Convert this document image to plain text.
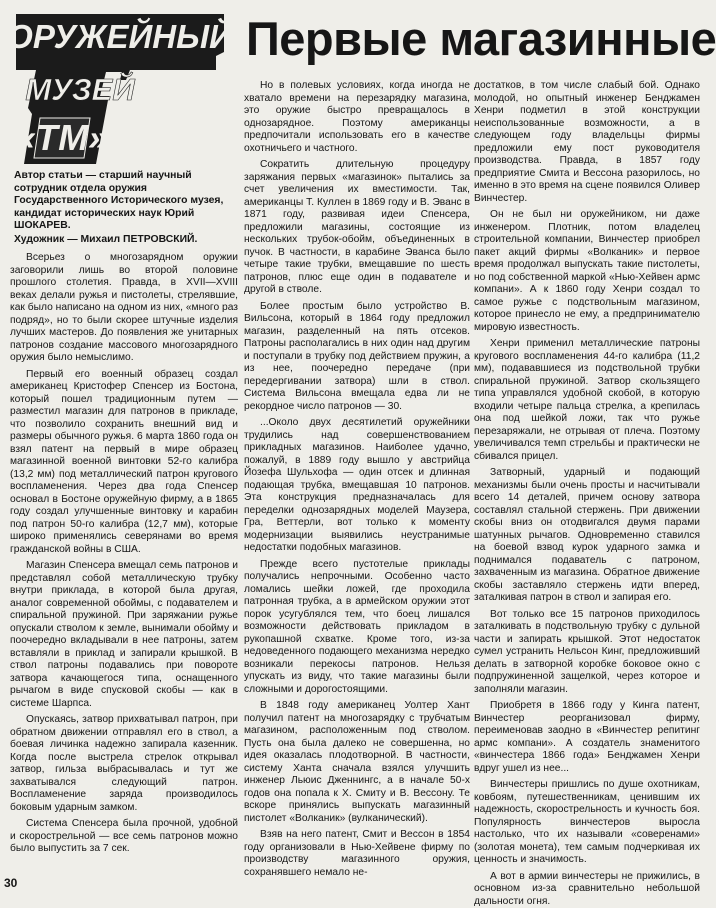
ОРУЖЕЙНЫЙ
МУЗЕЙ
«ТМ»
Первые магазинные

Автор статьи — старший научный сотрудник отдела оружия Государственного Исторического музея, кандидат исторических наук Юрий ШОКАРЕВ.

Художник — Михаил ПЕТРОВСКИЙ.

Всерьез о многозарядном оружии заговорили лишь во второй половине прошлого столетия. Правда, в XVII—XVIII веках делали ружья и пистолеты, стрелявшие, как было написано на одном из них, «много раз подряд», но то были скорее штучные изделия лучших мастеров. До появления же унитарных патронов создание массового многозарядного оружия было немыслимо.

Первый его военный образец создал американец Кристофер Спенсер из Бостона, который пошел традиционным путем — разместил магазин для патронов в прикладе, что позволило сохранить внешний вид и размеры обычного ружья. 6 марта 1860 года он взял патент на первый в мире образец магазинной военной винтовки 52-го калибра (13,2 мм) под металлический патрон кругового воспламенения. Через два года Спенсер основал в Бостоне оружейную фирму, а в 1865 году создал улучшенные винтовку и карабин под патрон 50-го калибра (12,7 мм), которые широко применялись северянами во время гражданской войны в США.

Магазин Спенсера вмещал семь патронов и представлял собой металлическую трубку внутри приклада, в которой была другая, аналог современной обоймы, с подавателем и спиральной пружиной. При заряжании ружье опускали стволом к земле, вынимали обойму и поочередно вкладывали в нее патроны, затем вставляли в приклад и запирали крышкой. В ствол патроны подавались при повороте затвора качающегося типа, оснащенного рычагом в виде спусковой скобы — как в системе Шарпса.

Опускаясь, затвор прихватывал патрон, при обратном движении отправлял его в ствол, а боевая личинка надежно запирала казенник. Когда после выстрела стрелок открывал затвор, гильза выбрасывалась и тут же захватывался следующий патрон. Воспламенение заряда производилось боковым ударным замком.

Система Спенсера была прочной, удобной и скорострельной — все семь патронов можно было выпустить за 7 сек.

Но в полевых условиях, когда иногда не хватало времени на перезарядку магазина, это оружие быстро превращалось в однозарядное. Поэтому американцы предпочитали использовать его в качестве охотничьего и частного.

Сократить длительную процедуру заряжания первых «магазинок» пытались за счет увеличения их вместимости. Так, американцы Т. Куллен в 1869 году и В. Эванс в 1871 году, развивая идеи Спенсера, предложили магазины, состоящие из нескольких трубок-обойм, объединенных в пучок. В частности, в карабине Эванса было четыре такие трубки, вмещавшие по шесть патронов, плюс еще один в подавателе и другой в стволе.

Более простым было устройство В. Вильсона, который в 1864 году предложил магазин, разделенный на пять отсеков. Патроны располагались в них один над другим и поступали в трубку под действием пружин, а из нее, поочередно передаче (при передергивании затвора) шли в ствол. Система Вильсона вмещала едва ли не рекордное число патронов — 30.

...Около двух десятилетий оружейники трудились над совершенствованием прикладных магазинов. Наиболее удачно, пожалуй, в 1889 году вышло у австрийца Йозефа Шульхофа — один отсек и длинная подающая трубка, вмещавшая 10 патронов. Эта конструкция предназначалась для переделки однозарядных моделей Маузера, Гра, Веттерли, вот только к моменту модернизации выявились неустранимые недостатки подобных магазинов.

Прежде всего пустотелые приклады получались непрочными. Особенно часто ломались шейки ложей, где проходила патронная трубка, а в армейском оружии этот порок усугублялся тем, что боец лишался возможности действовать прикладом в рукопашной схватке. Кроме того, из-за недоведенного подающего механизма нередко возникали перекосы патронов. Нельзя упускать из виду, что такие магазины были сложными и дорогостоящими.

В 1848 году американец Уолтер Хант получил патент на многозарядку с трубчатым магазином, расположенным под стволом. Пусть она была далеко не совершенна, но идея оказалась плодотворной. В частности, систему Ханта сначала взялся улучшить инженер Льюис Дженнингс, а в начале 50-х годов она попала к Х. Смиту и В. Вессону. Те вскоре принялись выпускать магазинный пистолет «Волканик» (вулканический).

Взяв на него патент, Смит и Вессон в 1854 году организовали в Нью-Хейвене фирму по производству магазинного оружия, сохранявшего немало не-

достатков, в том числе слабый бой. Однако молодой, но опытный инженер Бенджамен Хенри подметил в этой конструкции неиспользованные возможности, а в следующем году владельцы фирмы предложили ему пост руководителя производства. Правда, в 1857 году предприятие Смита и Вессона разорилось, но именно в это время на сцене появился Оливер Винчестер.

Он не был ни оружейником, ни даже инженером. Плотник, потом владелец строительной компании, Винчестер приобрел пакет акций фирмы «Волканик» и первое время продолжал выпускать такие пистолеты, но под собственной маркой «Нью-Хейвен армс компани». А к 1860 году Хенри создал то самое ружье с подствольным магазином, которое принесло не ему, а предпринимателю мировую известность.

Хенри применил металлические патроны кругового воспламенения 44-го калибра (11,2 мм), подававшиеся из подствольной трубки спиральной пружиной. Затвор скользящего типа управлялся удобной скобой, в которую входили четыре пальца стрелка, а крепилась она под шейкой ложи, так что ружье перезаряжали, не отрывая от плеча. Поэтому увеличивался темп стрельбы и практически не сбивался прицел.

Затворный, ударный и подающий механизмы были очень просты и насчитывали всего 14 деталей, причем основу затвора составлял стальной стержень. При движении скобы вниз он отодвигался двумя парами шатунных рычагов. Одновременно ставился на боевой взвод курок ударного замка и поднимался подаватель с патроном, захваченным из магазина. Обратное движение скобы заставляло стержень идти вперед, заталкивая патрон в ствол и запирая его.

Вот только все 15 патронов приходилось заталкивать в подствольную трубку с дульной части и запирать крышкой. Этот недостаток сумел устранить Нельсон Кинг, предложивший делать в затворной коробке боковое окно с подпружиненной защелкой, через которое и заполняли магазин.

Приобретя в 1866 году у Кинга патент, Винчестер реорганизовал фирму, переименовав заодно в «Винчестер репитинг армс компани». А создатель знаменитого «винчестера 1866 года» Бенджамен Хенри вдруг ушел из нее...

Винчестеры пришлись по душе охотникам, ковбоям, путешественникам, ценившим их надежность, скорострельность и кучность боя. Популярность винчестеров выросла настолько, что их называли «соверенами» (золотая монета), тем самым подчеркивая их ценность и значимость.

А вот в армии винчестеры не прижились, в основном из-за сравнительно небольшой дальности огня.

30
